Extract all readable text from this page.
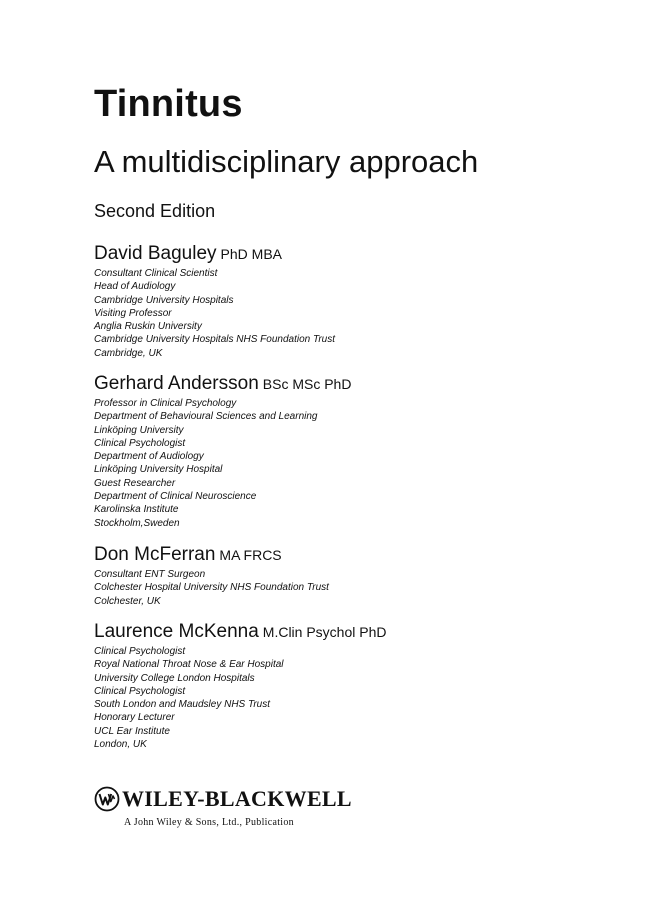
Tinnitus
A multidisciplinary approach
Second Edition
David Baguley PhD MBA
Consultant Clinical Scientist
Head of Audiology
Cambridge University Hospitals
Visiting Professor
Anglia Ruskin University
Cambridge University Hospitals NHS Foundation Trust
Cambridge, UK
Gerhard Andersson BSc MSc PhD
Professor in Clinical Psychology
Department of Behavioural Sciences and Learning
Linköping University
Clinical Psychologist
Department of Audiology
Linköping University Hospital
Guest Researcher
Department of Clinical Neuroscience
Karolinska Institute
Stockholm,Sweden
Don McFerran MA FRCS
Consultant ENT Surgeon
Colchester Hospital University NHS Foundation Trust
Colchester, UK
Laurence McKenna M.Clin Psychol PhD
Clinical Psychologist
Royal National Throat Nose & Ear Hospital
University College London Hospitals
Clinical Psychologist
South London and Maudsley NHS Trust
Honorary Lecturer
UCL Ear Institute
London, UK
WILEY-BLACKWELL
A John Wiley & Sons, Ltd., Publication
